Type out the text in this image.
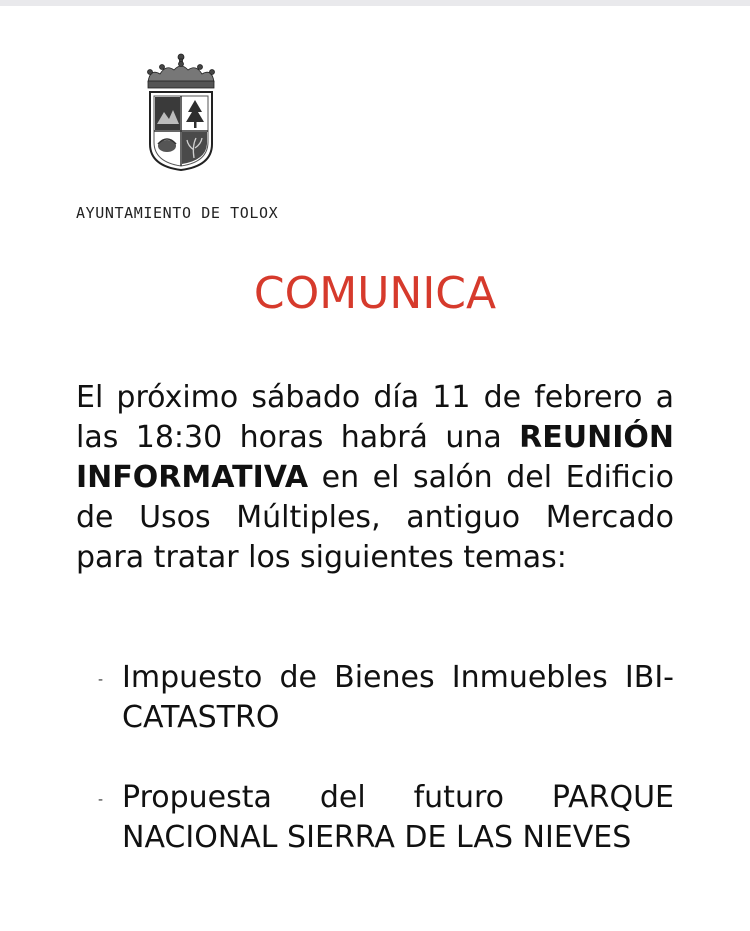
AYUNTAMIENTO DE TOLOX
COMUNICA
El próximo sábado día 11 de febrero a las 18:30 horas habrá una REUNIÓN INFORMATIVA en el salón del Edificio de Usos Múltiples, antiguo Mercado para tratar los siguientes temas:
- Impuesto de Bienes Inmuebles IBI-CATASTRO
- Propuesta del futuro PARQUE NACIONAL SIERRA DE LAS NIEVES
